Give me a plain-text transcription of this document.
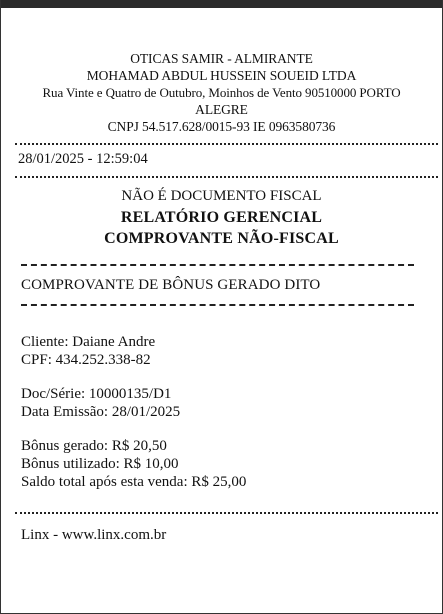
OTICAS SAMIR - ALMIRANTE
MOHAMAD ABDUL HUSSEIN SOUEID LTDA
Rua Vinte e Quatro de Outubro, Moinhos de Vento 90510000 PORTO
ALEGRE
CNPJ 54.517.628/0015-93 IE 0963580736
28/01/2025 - 12:59:04
NÃO É DOCUMENTO FISCAL
RELATÓRIO GERENCIAL
COMPROVANTE NÃO-FISCAL
COMPROVANTE DE BÔNUS GERADO DITO
Cliente: Daiane Andre
CPF: 434.252.338-82
Doc/Série: 10000135/D1
Data Emissão: 28/01/2025
Bônus gerado: R$ 20,50
Bônus utilizado: R$ 10,00
Saldo total após esta venda: R$ 25,00
Linx - www.linx.com.br
